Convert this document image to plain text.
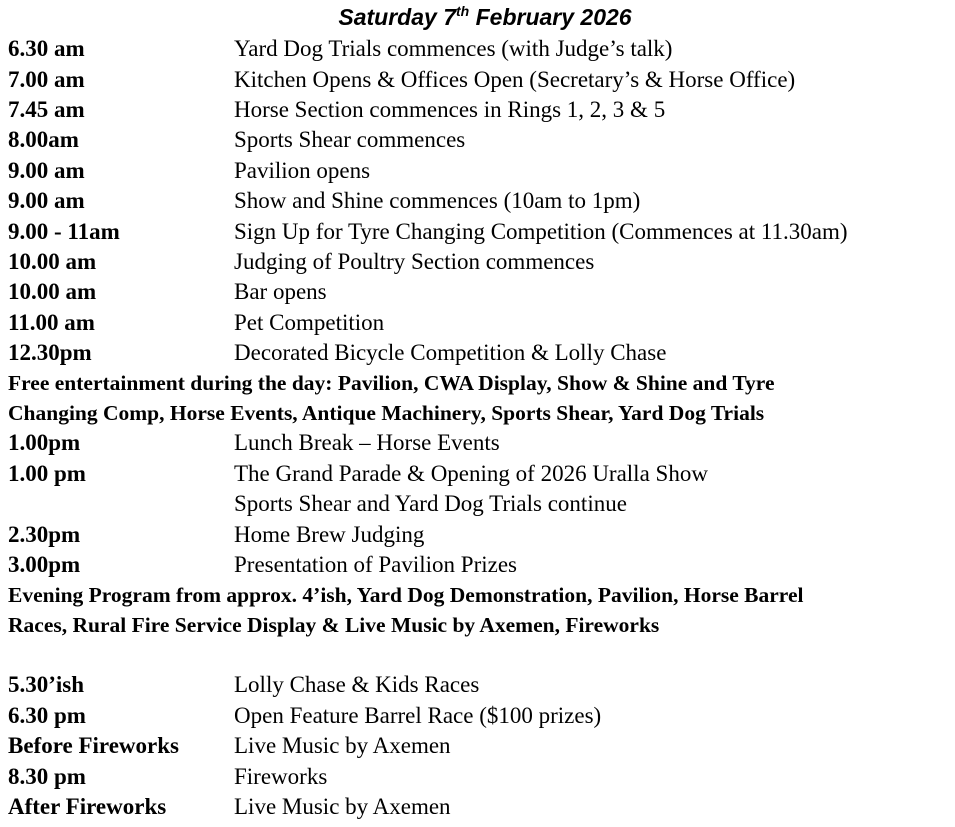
Saturday 7th February 2026
6.30 am	Yard Dog Trials commences (with Judge’s talk)
7.00 am	Kitchen Opens & Offices Open (Secretary’s & Horse Office)
7.45 am	Horse Section commences in Rings 1, 2, 3 & 5
8.00am	Sports Shear commences
9.00 am	Pavilion opens
9.00 am	Show and Shine commences (10am to 1pm)
9.00 - 11am	Sign Up for Tyre Changing Competition (Commences at 11.30am)
10.00 am	Judging of Poultry Section commences
10.00 am	Bar opens
11.00 am	Pet Competition
12.30pm	Decorated Bicycle Competition & Lolly Chase
Free entertainment during the day: Pavilion, CWA Display, Show & Shine and Tyre
Changing Comp, Horse Events, Antique Machinery, Sports Shear, Yard Dog Trials
1.00pm	Lunch Break – Horse Events
1.00 pm	The Grand Parade & Opening of 2026 Uralla Show
Sports Shear and Yard Dog Trials continue
2.30pm	Home Brew Judging
3.00pm	Presentation of Pavilion Prizes
Evening Program from approx. 4’ish, Yard Dog Demonstration, Pavilion, Horse Barrel
Races, Rural Fire Service Display & Live Music by Axemen, Fireworks
5.30’ish	Lolly Chase & Kids Races
6.30 pm	Open Feature Barrel Race ($100 prizes)
Before Fireworks	Live Music by Axemen
8.30 pm	Fireworks
After Fireworks	Live Music by Axemen
